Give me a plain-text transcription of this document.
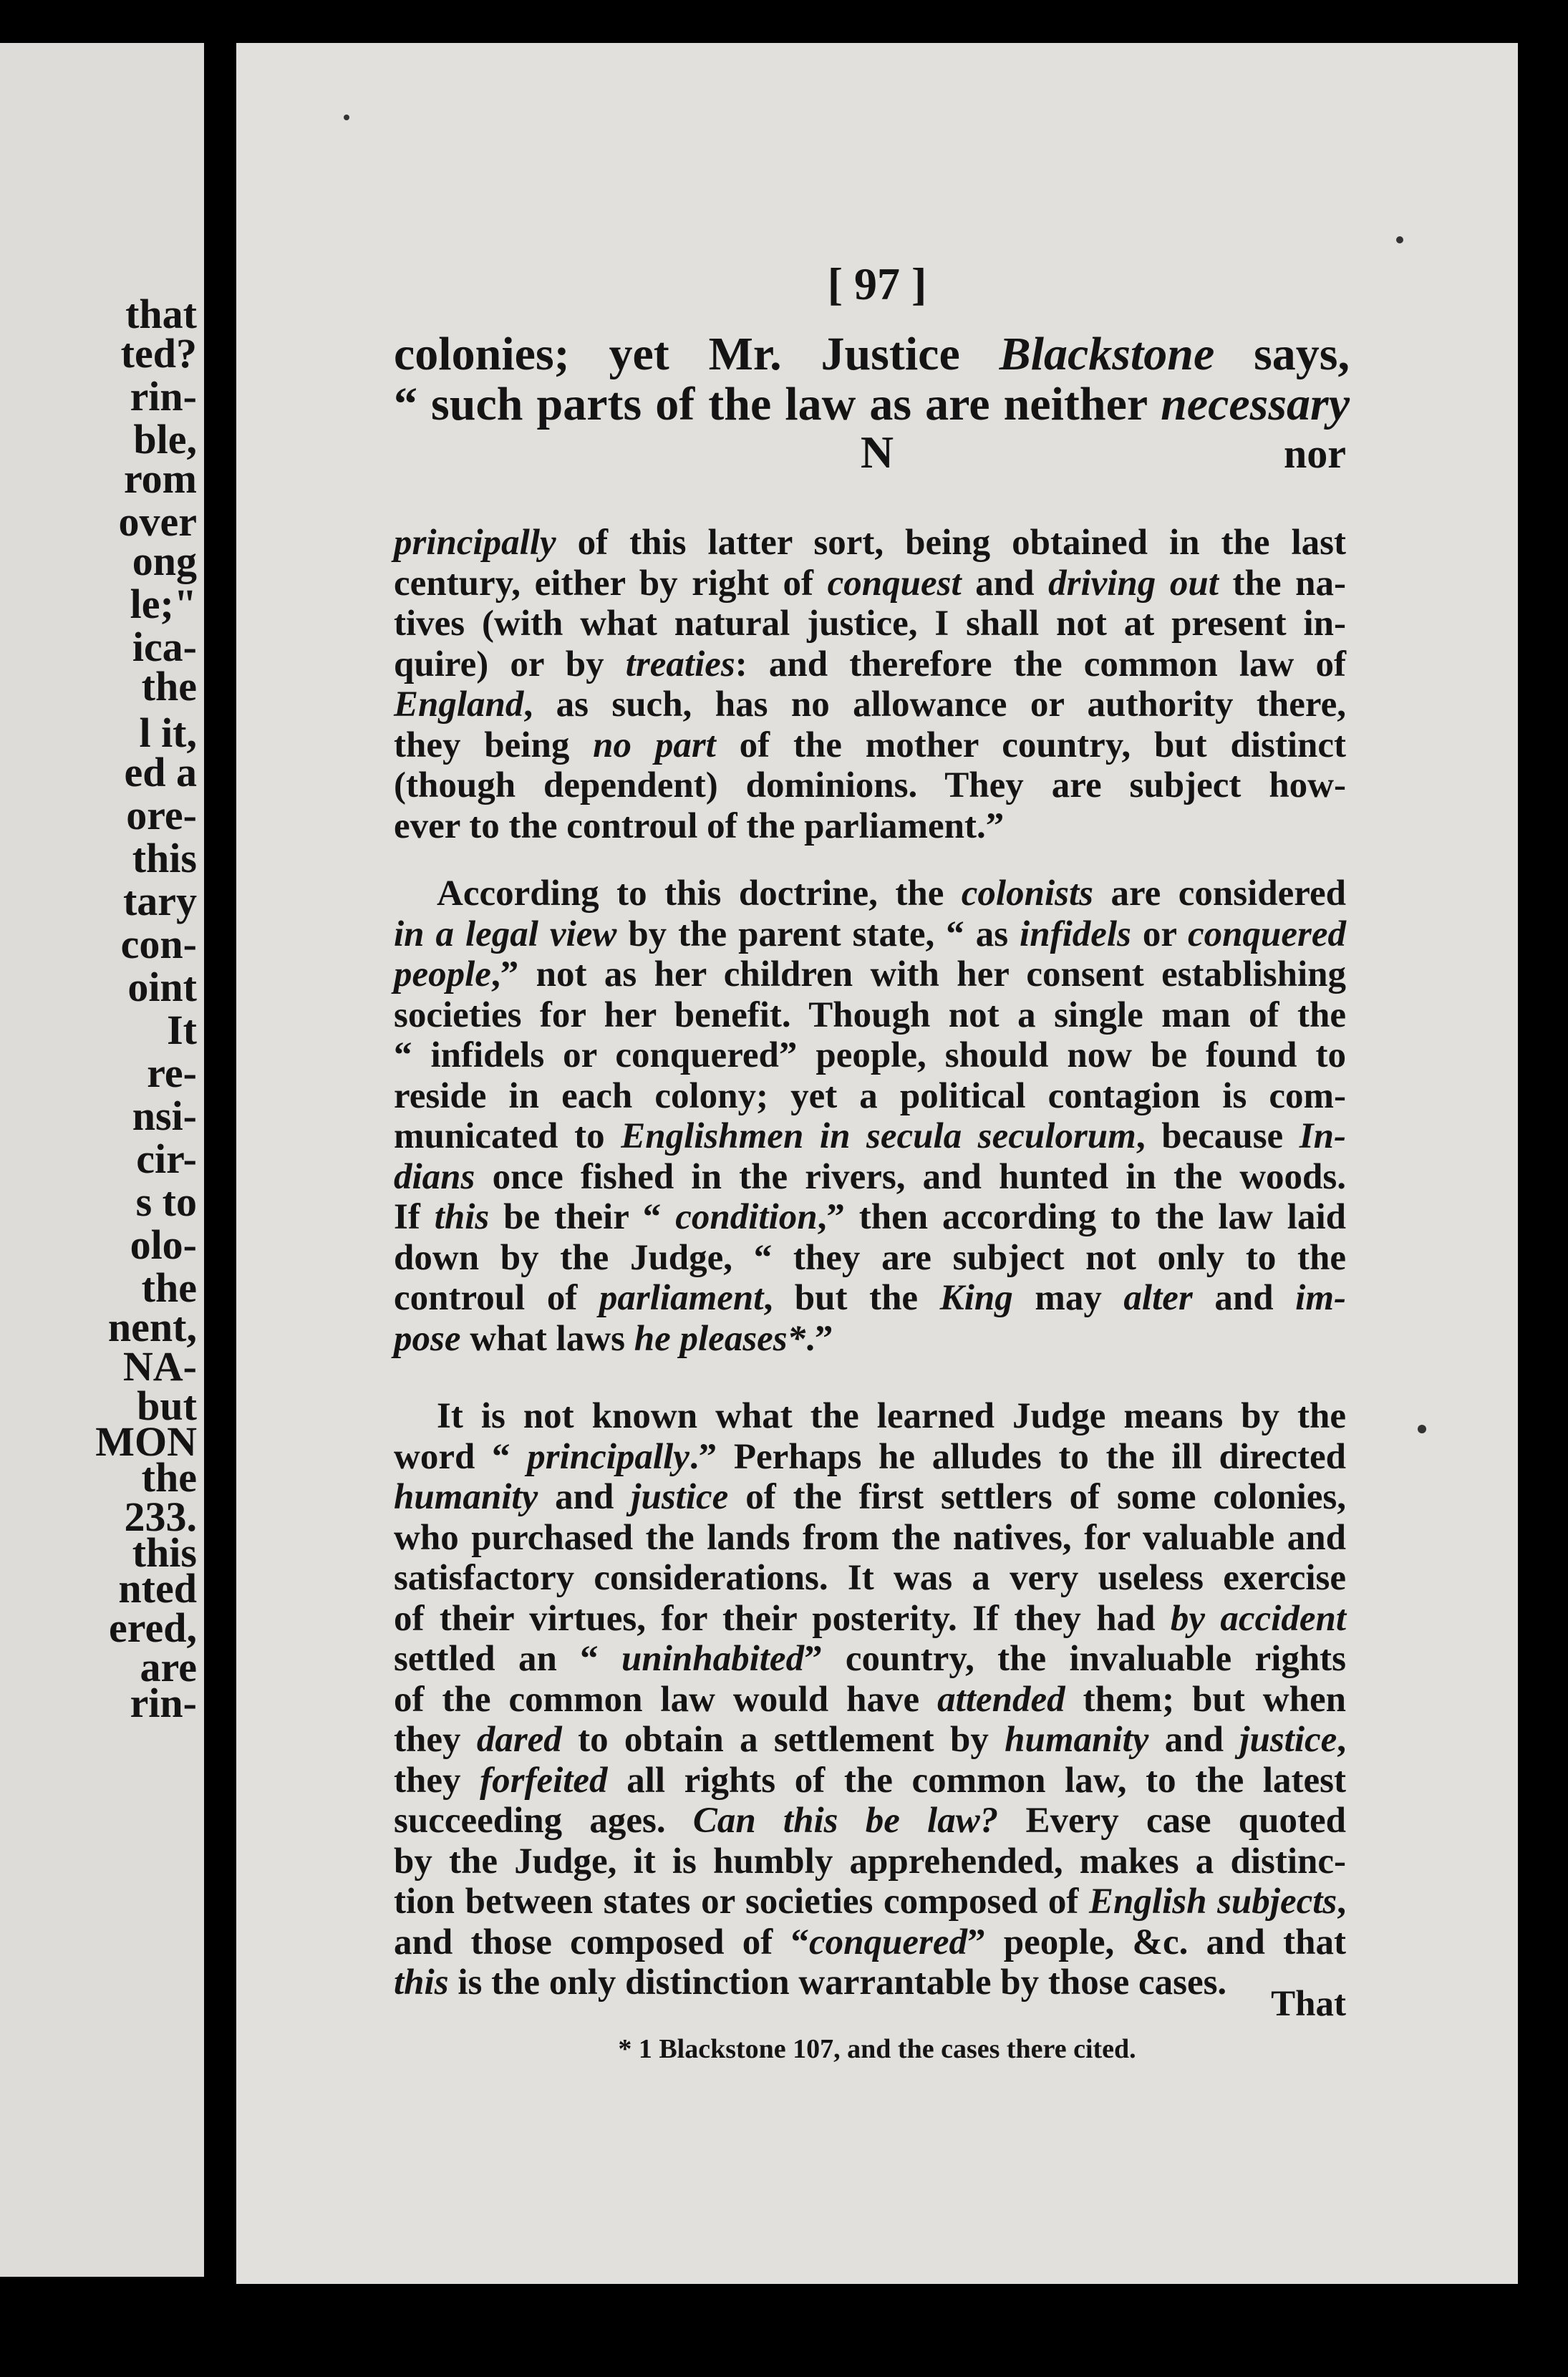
that
ted?
rin-
ble,
rom
over
ong
le;"
ica-
the
l it,
ed a
ore-
this
tary
con-
oint
It
re-
nsi-
cir-
s to
olo-
the
nent,
NA-
but
MON
the
233.
this
nted
ered,
are
rin-
[ 97 ]
colonies; yet Mr. Justice Blackstone says,
“ such parts of the law as are neither necessary
N	nor
principally of this latter sort, being obtained in the last
century, either by right of conquest and driving out the na-
tives (with what natural justice, I shall not at present in-
quire) or by treaties: and therefore the common law of
England, as such, has no allowance or authority there,
they being no part of the mother country, but distinct
(though dependent) dominions. They are subject how-
ever to the controul of the parliament.”
According to this doctrine, the colonists are considered
in a legal view by the parent state, “ as infidels or conquered
people,” not as her children with her consent establishing
societies for her benefit. Though not a single man of the
“ infidels or conquered” people, should now be found to
reside in each colony; yet a political contagion is com-
municated to Englishmen in secula seculorum, because In-
dians once fished in the rivers, and hunted in the woods.
If this be their “ condition,” then according to the law laid
down by the Judge, “ they are subject not only to the
controul of parliament, but the King may alter and im-
pose what laws he pleases*.”
It is not known what the learned Judge means by the
word “ principally.” Perhaps he alludes to the ill directed
humanity and justice of the first settlers of some colonies,
who purchased the lands from the natives, for valuable and
satisfactory considerations. It was a very useless exercise
of their virtues, for their posterity. If they had by accident
settled an “ uninhabited” country, the invaluable rights
of the common law would have attended them; but when
they dared to obtain a settlement by humanity and justice,
they forfeited all rights of the common law, to the latest
succeeding ages. Can this be law? Every case quoted
by the Judge, it is humbly apprehended, makes a distinc-
tion between states or societies composed of English subjects,
and those composed of “conquered” people, &c. and that
this is the only distinction warrantable by those cases.
That
* 1 Blackstone 107, and the cases there cited.
